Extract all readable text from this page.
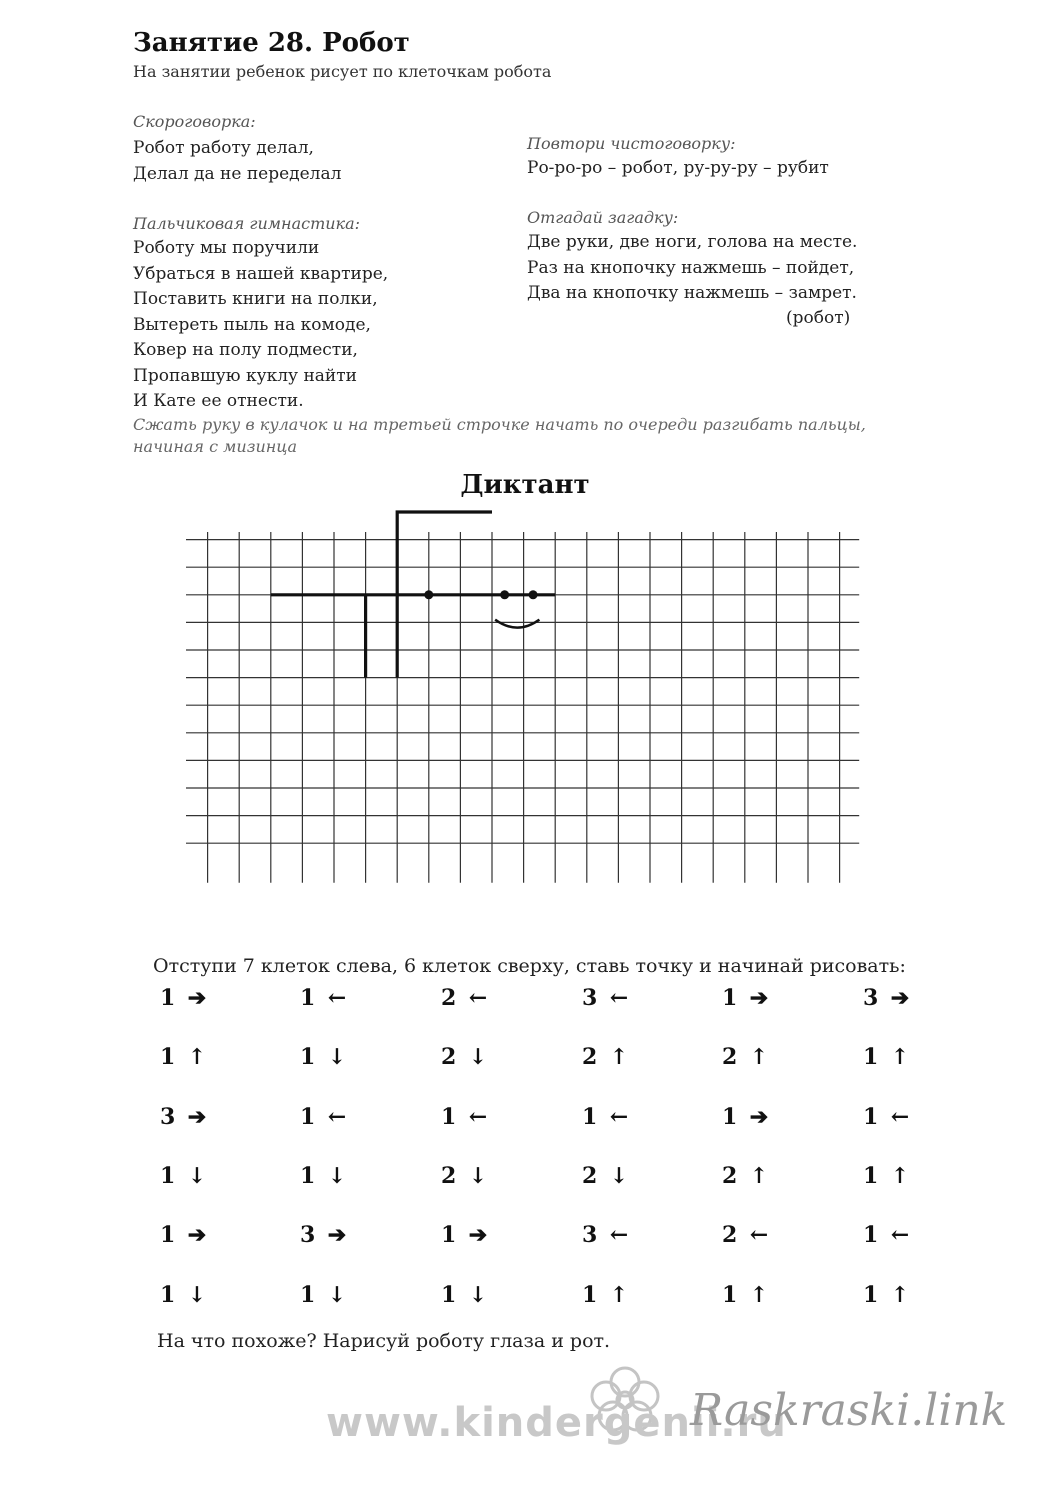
Занятие 28. Робот
На занятии ребенок рисует по клеточкам робота
Скороговорка:
Робот работу делал,
Делал да не переделал
Пальчиковая гимнастика:
Роботу мы поручили
Убраться в нашей квартире,
Поставить книги на полки,
Вытереть пыль на комоде,
Ковер на полу подмести,
Пропавшую куклу найти
И Кате ее отнести.
Повтори чистоговорку:
Ро-ро-ро – робот, ру-ру-ру – рубит
Отгадай загадку:
Две руки, две ноги, голова на месте.
Раз на кнопочку нажмешь – пойдет,
Два на кнопочку нажмешь – замрет.
(робот)
Сжать руку в кулачок и на третьей строчке начать по очереди разгибать пальцы, начиная с мизинца
Диктант
Отступи 7 клеток слева, 6 клеток сверху, ставь точку и начинай рисовать:
1 ➔
1 ↑
3 ➔
1 ↓
1 ➔
1 ↓
1 ←
1 ↓
1 ←
1 ↓
3 ➔
1 ↓
2 ←
2 ↓
1 ←
2 ↓
1 ➔
1 ↓
3 ←
2 ↑
1 ←
2 ↓
3 ←
1 ↑
1 ➔
2 ↑
1 ➔
2 ↑
2 ←
1 ↑
3 ➔
1 ↑
1 ←
1 ↑
1 ←
1 ↑
На что похоже? Нарисуй роботу глаза и рот.
www.kindergenii.ru
Raskraski.link
